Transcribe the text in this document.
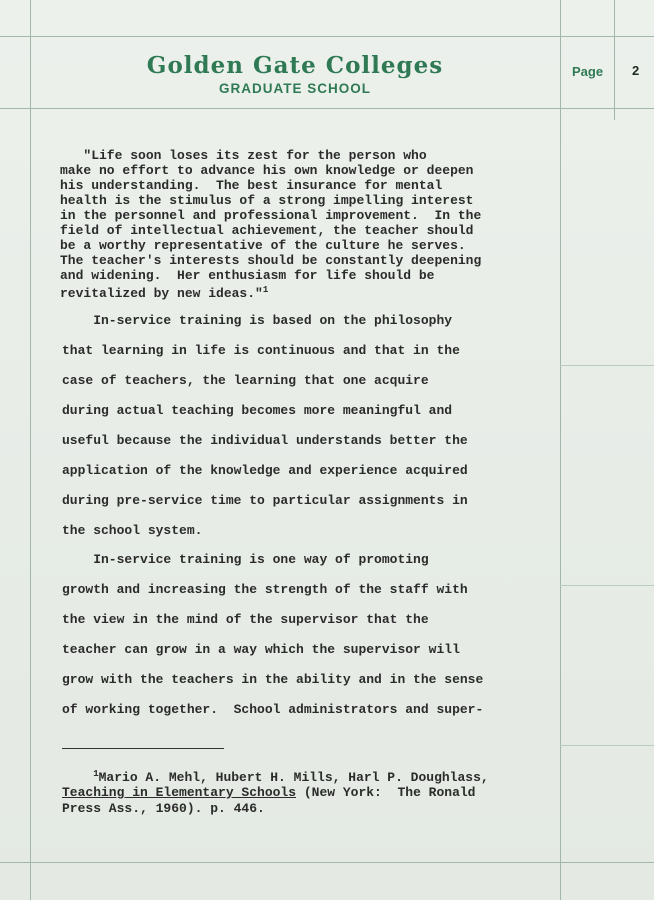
Golden Gate Colleges
GRADUATE SCHOOL
Page 2
"Life soon loses its zest for the person who
make no effort to advance his own knowledge or deepen
his understanding.  The best insurance for mental
health is the stimulus of a strong impelling interest
in the personnel and professional improvement.  In the
field of intellectual achievement, the teacher should
be a worthy representative of the culture he serves.
The teacher's interests should be constantly deepening
and widening.  Her enthusiasm for life should be
revitalized by new ideas."$^1$
In-service training is based on the philosophy
that learning in life is continuous and that in the
case of teachers, the learning that one acquire
during actual teaching becomes more meaningful and
useful because the individual understands better the
application of the knowledge and experience acquired
during pre-service time to particular assignments in
the school system.
In-service training is one way of promoting
growth and increasing the strength of the staff with
the view in the mind of the supervisor that the
teacher can grow in a way which the supervisor will
grow with the teachers in the ability and in the sense
of working together.  School administrators and super-
$^1$Mario A. Mehl, Hubert H. Mills, Harl P. Doughlass,
Teaching in Elementary Schools (New York:  The Ronald
Press Ass., 1960). p. 446.
